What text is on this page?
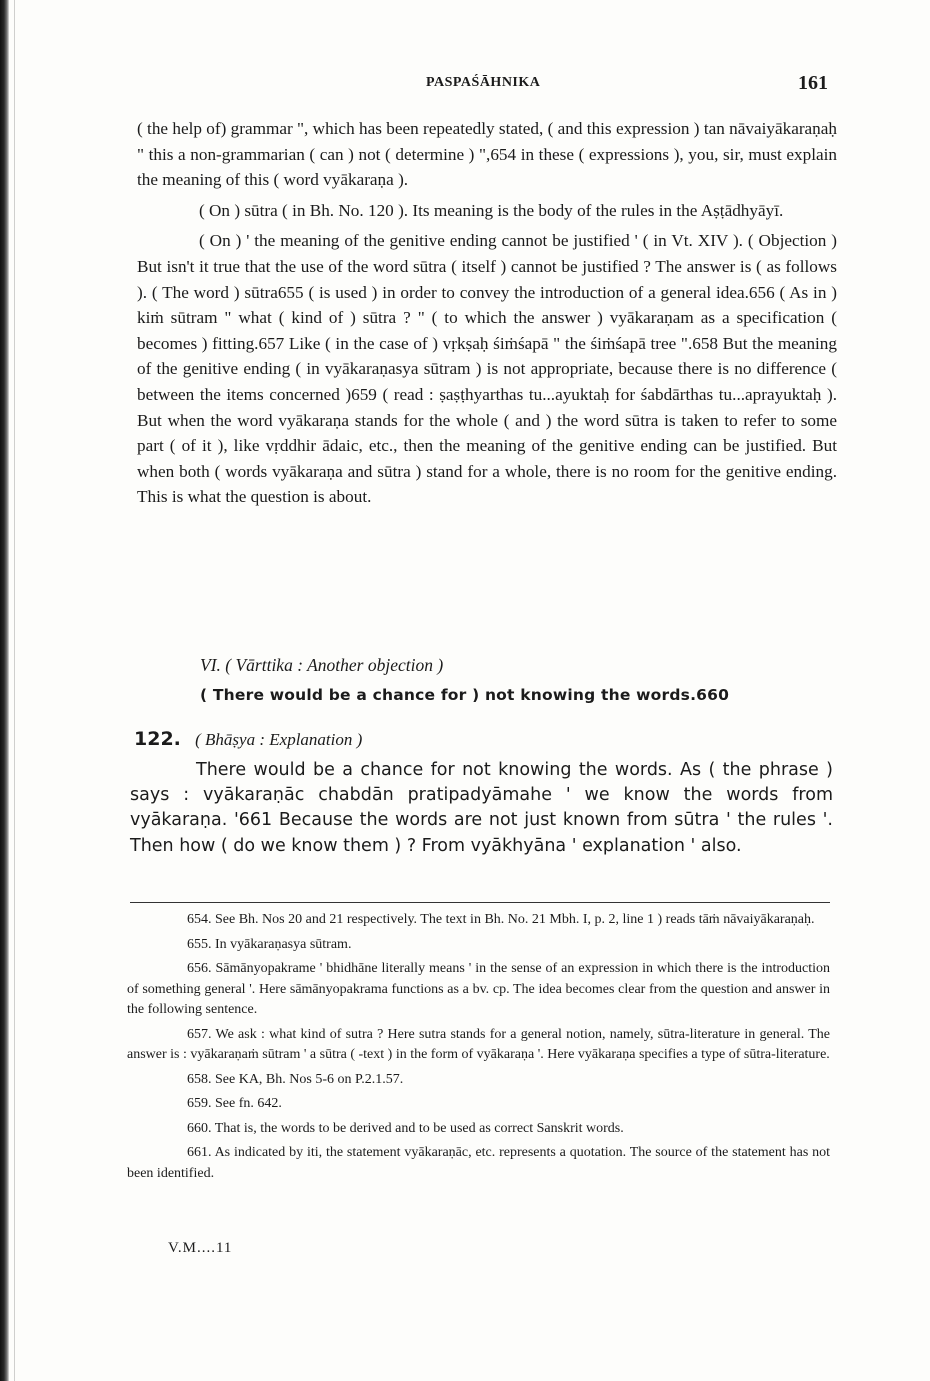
PASPAŚĀHNIKA	161

( the help of) grammar ", which has been repeatedly stated, ( and this expression ) tan nāvaiyākaraṇaḥ " this a non-grammarian ( can ) not ( determine ) ",654 in these ( expressions ), you, sir, must explain the meaning of this ( word vyākaraṇa ).

( On ) sūtra ( in Bh. No. 120 ). Its meaning is the body of the rules in the Aṣṭādhyāyī.

( On ) ' the meaning of the genitive ending cannot be justified ' ( in Vt. XIV ). ( Objection ) But isn't it true that the use of the word sūtra ( itself ) cannot be justified ? The answer is ( as follows ). ( The word ) sūtra655 ( is used ) in order to convey the introduction of a general idea.656 ( As in ) kiṁ sūtram " what ( kind of ) sūtra ? " ( to which the answer ) vyākaraṇam as a specification ( becomes ) fitting.657 Like ( in the case of ) vṛkṣaḥ śiṁśapā " the śiṁśapā tree ".658 But the meaning of the genitive ending ( in vyākaraṇasya sūtram ) is not appropriate, because there is no difference ( between the items concerned )659 ( read : ṣaṣṭhyarthas tu...ayuktaḥ for śabdārthas tu...aprayuktaḥ ). But when the word vyākaraṇa stands for the whole ( and ) the word sūtra is taken to refer to some part ( of it ), like vṛddhir ādaic, etc., then the meaning of the genitive ending can be justified. But when both ( words vyākaraṇa and sūtra ) stand for a whole, there is no room for the genitive ending. This is what the question is about.

VI. ( Vārttika : Another objection )
( There would be a chance for ) not knowing the words.660
122. ( Bhāṣya : Explanation )

There would be a chance for not knowing the words. As ( the phrase ) says : vyākaraṇāc chabdān pratipadyāmahe ' we know the words from vyākaraṇa. '661 Because the words are not just known from sūtra ' the rules '. Then how ( do we know them ) ? From vyākhyāna ' explanation ' also.

654. See Bh. Nos 20 and 21 respectively. The text in Bh. No. 21 Mbh. I, p. 2, line 1 ) reads tāṁ nāvaiyākaraṇaḥ.

655. In vyākaraṇasya sūtram.

656. Sāmānyopakrame ' bhidhāne literally means ' in the sense of an expression in which there is the introduction of something general '. Here sāmānyopakrama functions as a bv. cp. The idea becomes clear from the question and answer in the following sentence.

657. We ask : what kind of sutra ? Here sutra stands for a general notion, namely, sūtra-literature in general. The answer is : vyākaraṇaṁ sūtram ' a sūtra ( -text ) in the form of vyākaraṇa '. Here vyākaraṇa specifies a type of sūtra-literature.

658. See KA, Bh. Nos 5-6 on P.2.1.57.

659. See fn. 642.

660. That is, the words to be derived and to be used as correct Sanskrit words.

661. As indicated by iti, the statement vyākaraṇāc, etc. represents a quotation. The source of the statement has not been identified.

V.M....11
